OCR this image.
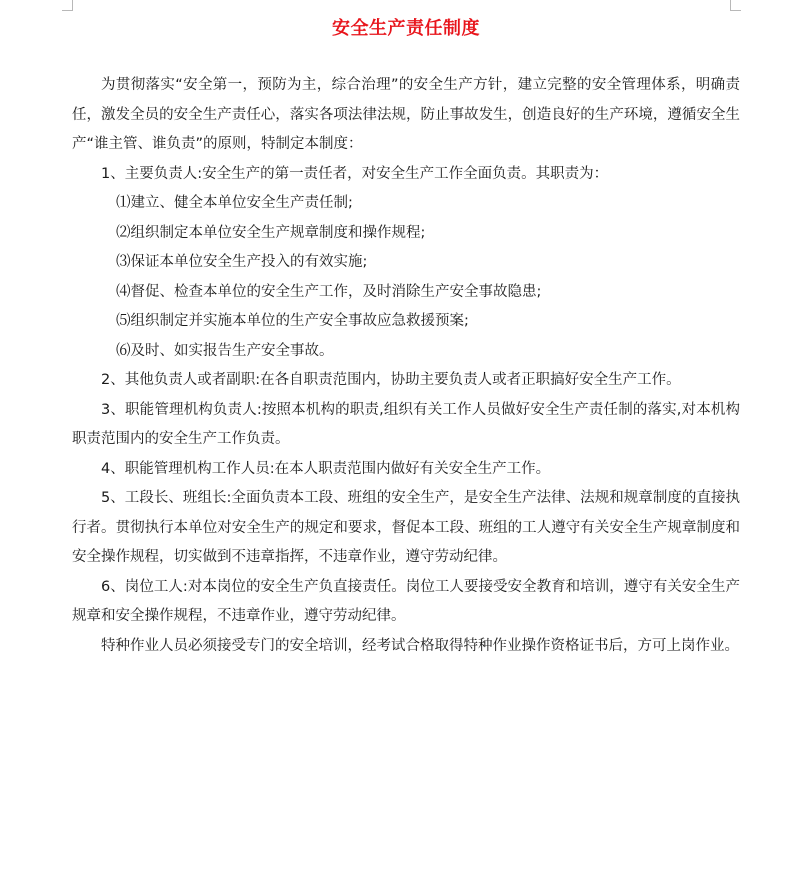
安全生产责任制度

为贯彻落实“安全第一，预防为主，综合治理”的安全生产方针，建立完整的安全管理体系，明确责任，激发全员的安全生产责任心，落实各项法律法规，防止事故发生，创造良好的生产环境，遵循安全生产“谁主管、谁负责”的原则，特制定本制度：

1、主要负责人:安全生产的第一责任者，对安全生产工作全面负责。其职责为：

⑴建立、健全本单位安全生产责任制;

⑵组织制定本单位安全生产规章制度和操作规程;

⑶保证本单位安全生产投入的有效实施;

⑷督促、检查本单位的安全生产工作，及时消除生产安全事故隐患;

⑸组织制定并实施本单位的生产安全事故应急救援预案;

⑹及时、如实报告生产安全事故。

2、其他负责人或者副职:在各自职责范围内，协助主要负责人或者正职搞好安全生产工作。

3、职能管理机构负责人:按照本机构的职责,组织有关工作人员做好安全生产责任制的落实,对本机构职责范围内的安全生产工作负责。

4、职能管理机构工作人员:在本人职责范围内做好有关安全生产工作。

5、工段长、班组长:全面负责本工段、班组的安全生产，是安全生产法律、法规和规章制度的直接执行者。贯彻执行本单位对安全生产的规定和要求，督促本工段、班组的工人遵守有关安全生产规章制度和安全操作规程，切实做到不违章指挥，不违章作业，遵守劳动纪律。

6、岗位工人:对本岗位的安全生产负直接责任。岗位工人要接受安全教育和培训，遵守有关安全生产规章和安全操作规程，不违章作业，遵守劳动纪律。

特种作业人员必须接受专门的安全培训，经考试合格取得特种作业操作资格证书后，方可上岗作业。
